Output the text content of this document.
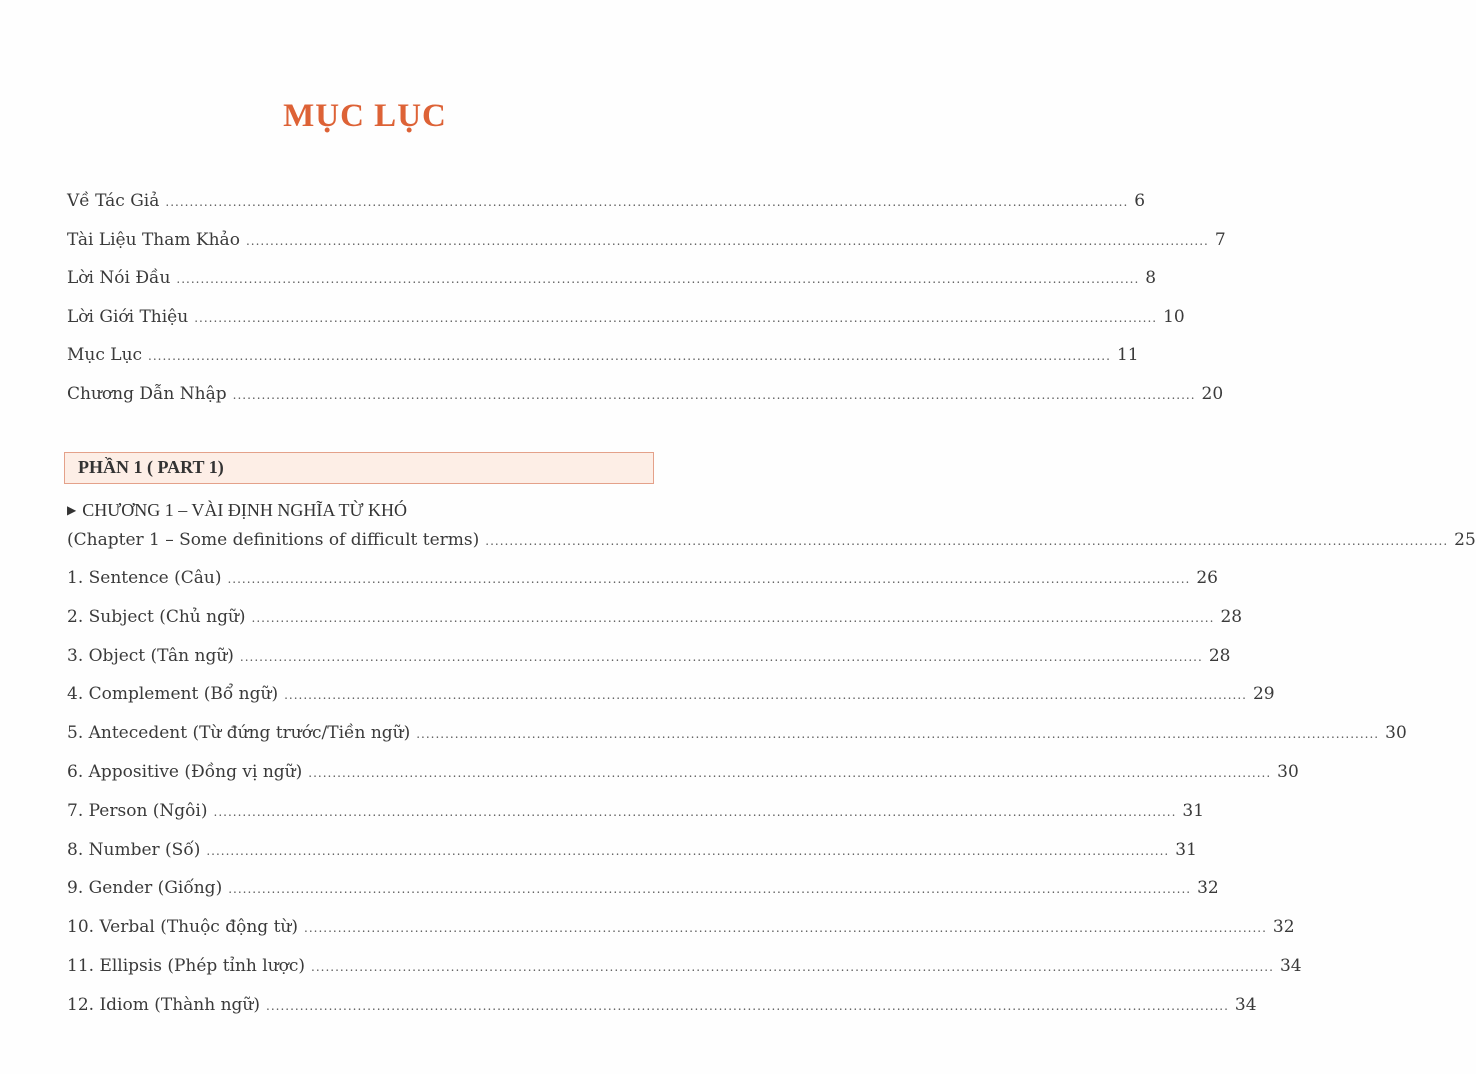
MỤC LỤC
Về Tác Giả ........................................................................................................................................................................................................ 6
Tài Liệu Tham Khảo ........................................................................................................................................................................................................ 7
Lời Nói Đầu ........................................................................................................................................................................................................ 8
Lời Giới Thiệu ........................................................................................................................................................................................................ 10
Mục Lục ........................................................................................................................................................................................................ 11
Chương Dẫn Nhập ........................................................................................................................................................................................................ 20
PHẦN 1 ( PART 1)
▶ CHƯƠNG 1 – VÀI ĐỊNH NGHĨA TỪ KHÓ
(Chapter 1 – Some definitions of difficult terms) ........................................................................................................................................................................................................ 25
1. Sentence (Câu) ........................................................................................................................................................................................................ 26
2. Subject (Chủ ngữ) ........................................................................................................................................................................................................ 28
3. Object (Tân ngữ) ........................................................................................................................................................................................................ 28
4. Complement (Bổ ngữ) ........................................................................................................................................................................................................ 29
5. Antecedent (Từ đứng trước/Tiền ngữ) ........................................................................................................................................................................................................ 30
6. Appositive (Đồng vị ngữ) ........................................................................................................................................................................................................ 30
7. Person (Ngôi) ........................................................................................................................................................................................................ 31
8. Number (Số) ........................................................................................................................................................................................................ 31
9. Gender (Giống) ........................................................................................................................................................................................................ 32
10. Verbal (Thuộc động từ) ........................................................................................................................................................................................................ 32
11. Ellipsis (Phép tỉnh lược) ........................................................................................................................................................................................................ 34
12. Idiom (Thành ngữ) ........................................................................................................................................................................................................ 34
